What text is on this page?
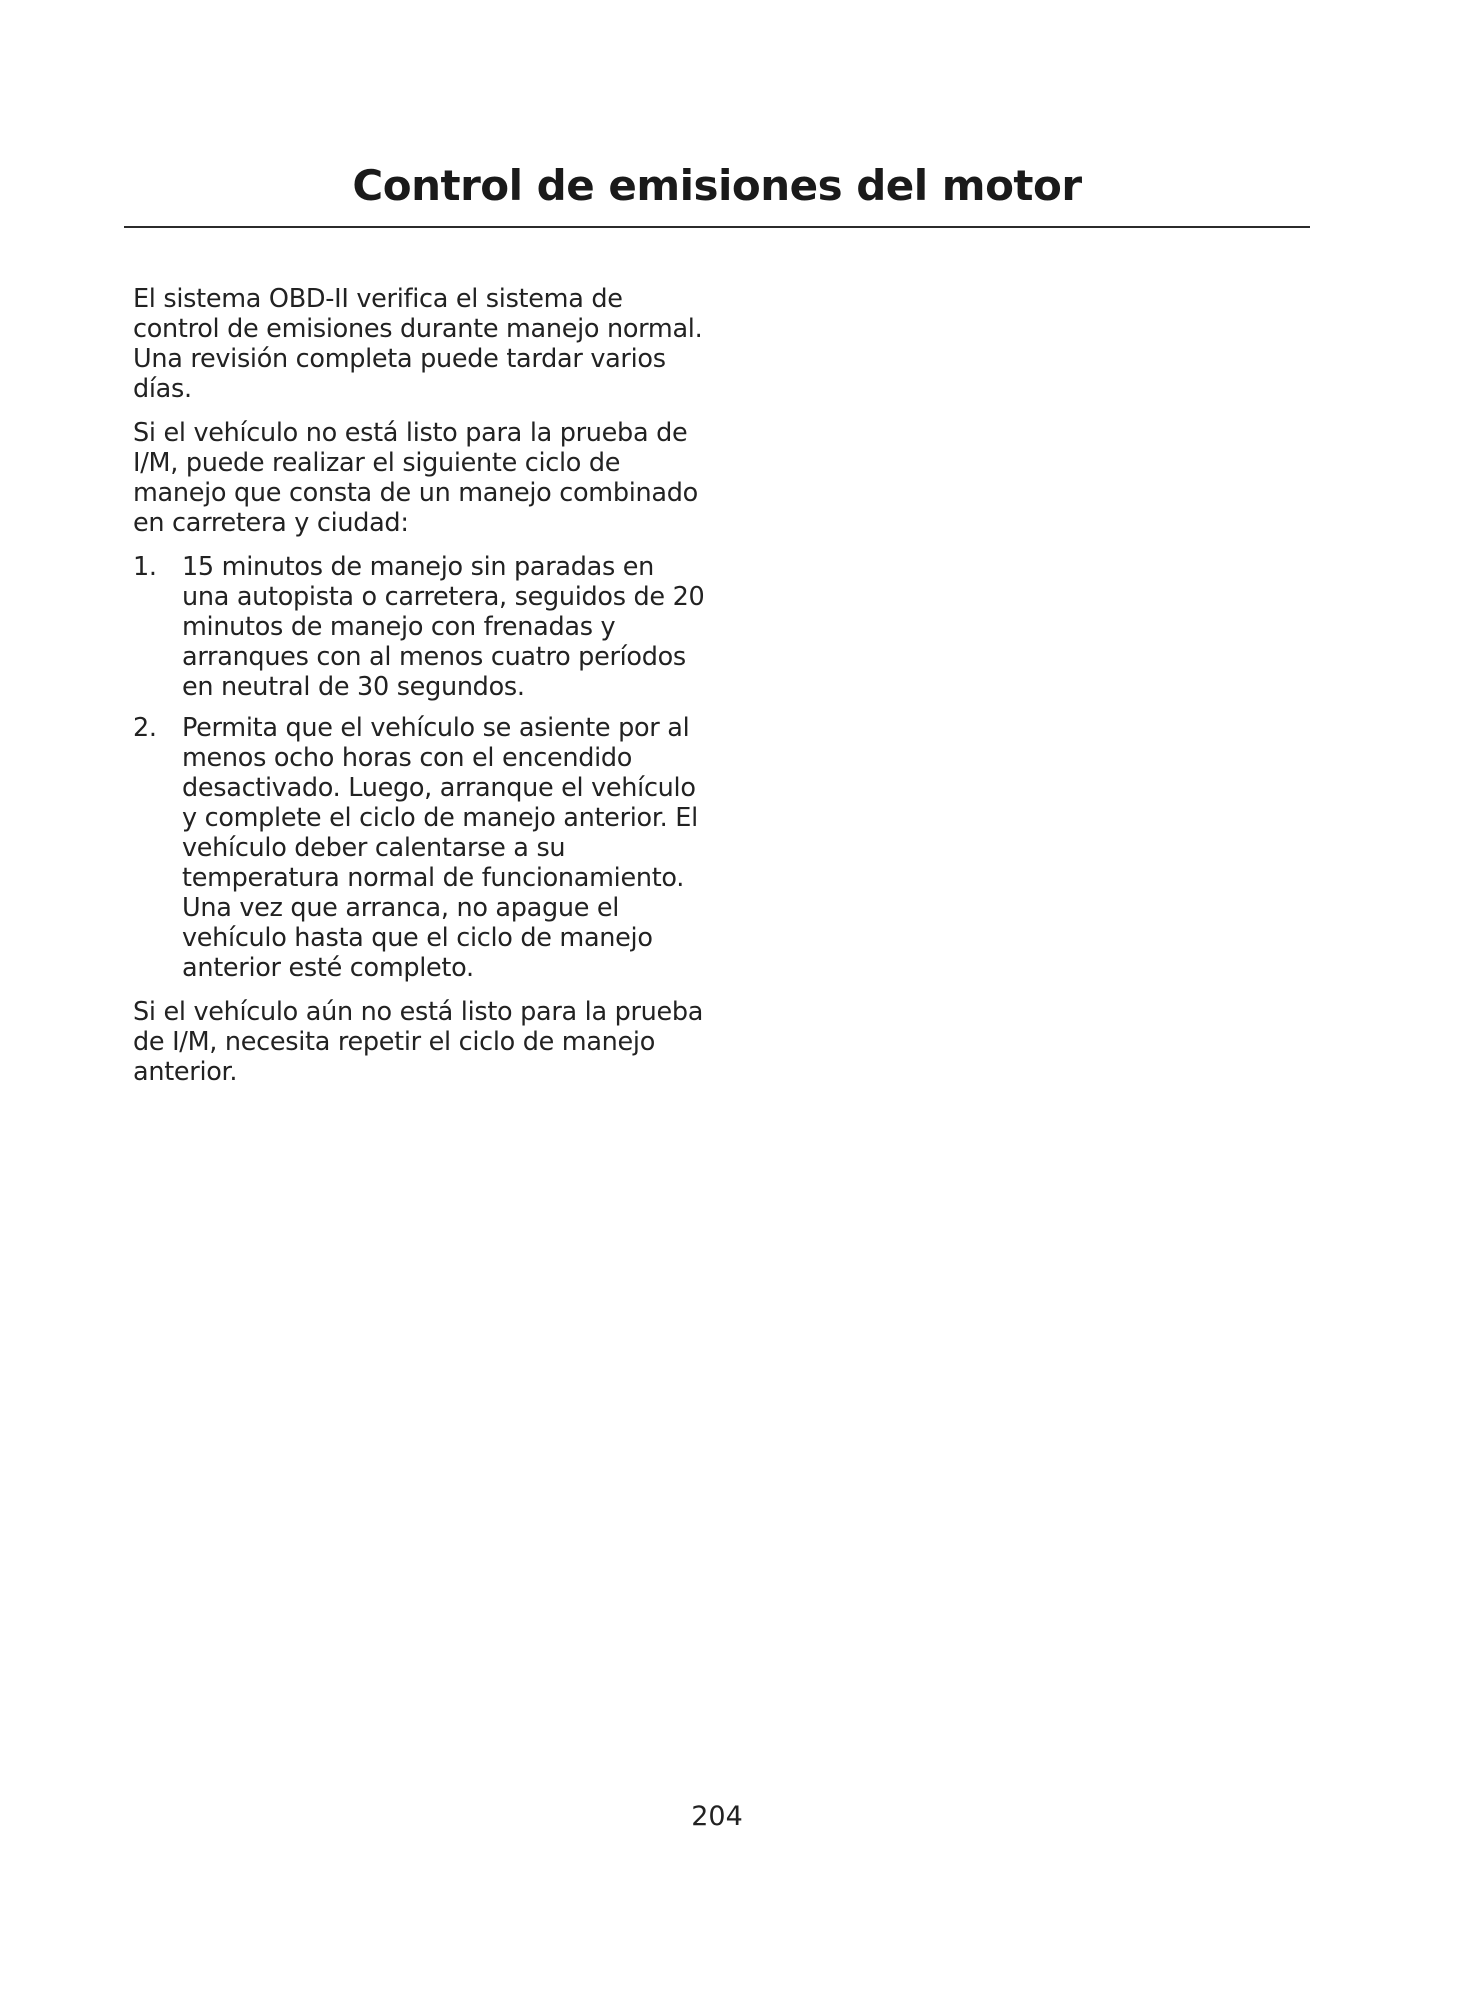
Control de emisiones del motor

El sistema OBD-II verifica el sistema de control de emisiones durante manejo normal. Una revisión completa puede tardar varios días.

Si el vehículo no está listo para la prueba de I/M, puede realizar el siguiente ciclo de manejo que consta de un manejo combinado en carretera y ciudad:

1. 15 minutos de manejo sin paradas en una autopista o carretera, seguidos de 20 minutos de manejo con frenadas y arranques con al menos cuatro períodos en neutral de 30 segundos.
2. Permita que el vehículo se asiente por al menos ocho horas con el encendido desactivado. Luego, arranque el vehículo y complete el ciclo de manejo anterior. El vehículo deber calentarse a su temperatura normal de funcionamiento. Una vez que arranca, no apague el vehículo hasta que el ciclo de manejo anterior esté completo.

Si el vehículo aún no está listo para la prueba de I/M, necesita repetir el ciclo de manejo anterior.

204
